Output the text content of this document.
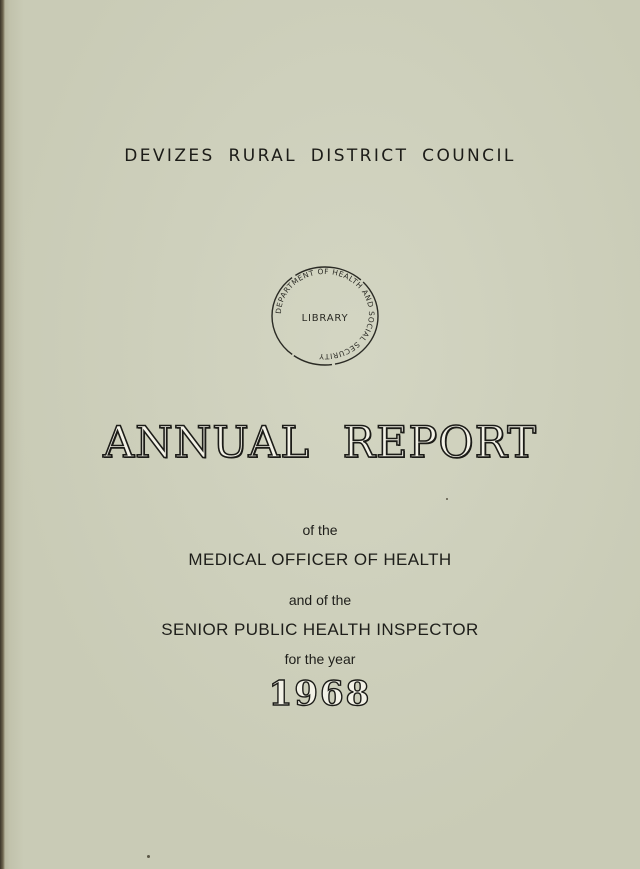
DEVIZES RURAL DISTRICT COUNCIL
DEPARTMENT OF HEALTH AND SOCIAL SECURITY
LIBRARY
ANNUAL REPORT
of the
MEDICAL OFFICER OF HEALTH
and of the
SENIOR PUBLIC HEALTH INSPECTOR
for the year
1968
